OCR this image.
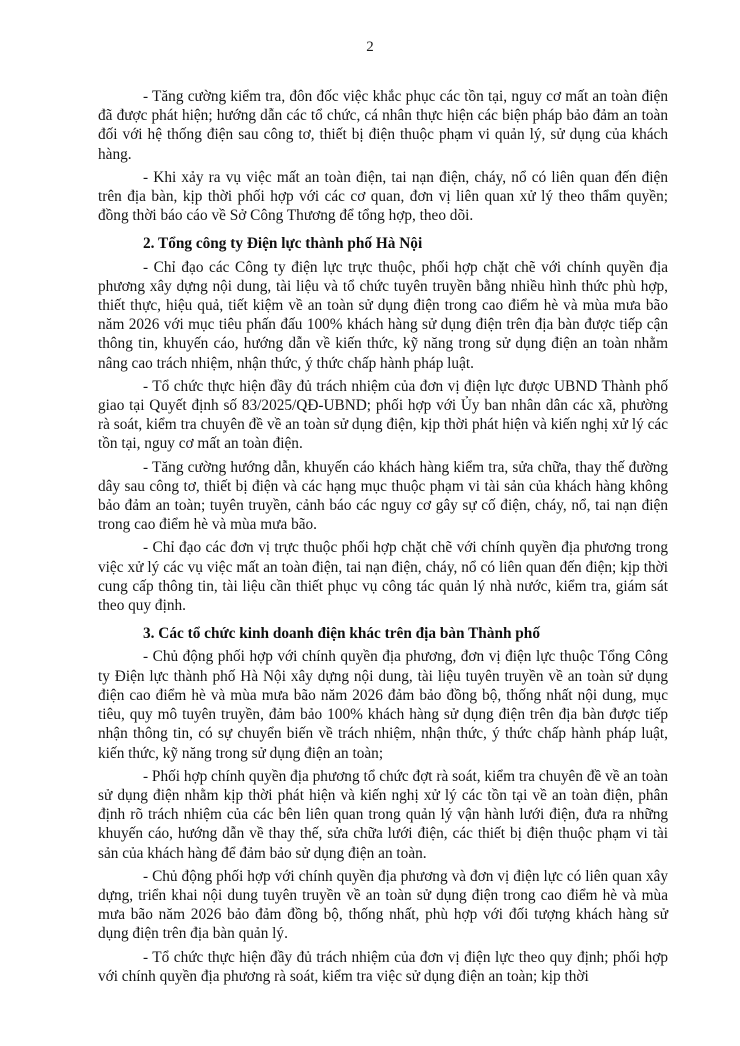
2

- Tăng cường kiểm tra, đôn đốc việc khắc phục các tồn tại, nguy cơ mất an toàn điện đã được phát hiện; hướng dẫn các tổ chức, cá nhân thực hiện các biện pháp bảo đảm an toàn đối với hệ thống điện sau công tơ, thiết bị điện thuộc phạm vi quản lý, sử dụng của khách hàng.

- Khi xảy ra vụ việc mất an toàn điện, tai nạn điện, cháy, nổ có liên quan đến điện trên địa bàn, kịp thời phối hợp với các cơ quan, đơn vị liên quan xử lý theo thẩm quyền; đồng thời báo cáo về Sở Công Thương để tổng hợp, theo dõi.

2. Tổng công ty Điện lực thành phố Hà Nội

- Chỉ đạo các Công ty điện lực trực thuộc, phối hợp chặt chẽ với chính quyền địa phương xây dựng nội dung, tài liệu và tổ chức tuyên truyền bằng nhiều hình thức phù hợp, thiết thực, hiệu quả, tiết kiệm về an toàn sử dụng điện trong cao điểm hè và mùa mưa bão năm 2026 với mục tiêu phấn đấu 100% khách hàng sử dụng điện trên địa bàn được tiếp cận thông tin, khuyến cáo, hướng dẫn về kiến thức, kỹ năng trong sử dụng điện an toàn nhằm nâng cao trách nhiệm, nhận thức, ý thức chấp hành pháp luật.

- Tổ chức thực hiện đầy đủ trách nhiệm của đơn vị điện lực được UBND Thành phố giao tại Quyết định số 83/2025/QĐ-UBND; phối hợp với Ủy ban nhân dân các xã, phường rà soát, kiểm tra chuyên đề về an toàn sử dụng điện, kịp thời phát hiện và kiến nghị xử lý các tồn tại, nguy cơ mất an toàn điện.

- Tăng cường hướng dẫn, khuyến cáo khách hàng kiểm tra, sửa chữa, thay thế đường dây sau công tơ, thiết bị điện và các hạng mục thuộc phạm vi tài sản của khách hàng không bảo đảm an toàn; tuyên truyền, cảnh báo các nguy cơ gây sự cố điện, cháy, nổ, tai nạn điện trong cao điểm hè và mùa mưa bão.

- Chỉ đạo các đơn vị trực thuộc phối hợp chặt chẽ với chính quyền địa phương trong việc xử lý các vụ việc mất an toàn điện, tai nạn điện, cháy, nổ có liên quan đến điện; kịp thời cung cấp thông tin, tài liệu cần thiết phục vụ công tác quản lý nhà nước, kiểm tra, giám sát theo quy định.

3. Các tổ chức kinh doanh điện khác trên địa bàn Thành phố

- Chủ động phối hợp với chính quyền địa phương, đơn vị điện lực thuộc Tổng Công ty Điện lực thành phố Hà Nội xây dựng nội dung, tài liệu tuyên truyền về an toàn sử dụng điện cao điểm hè và mùa mưa bão năm 2026 đảm bảo đồng bộ, thống nhất nội dung, mục tiêu, quy mô tuyên truyền, đảm bảo 100% khách hàng sử dụng điện trên địa bàn được tiếp nhận thông tin, có sự chuyển biến về trách nhiệm, nhận thức, ý thức chấp hành pháp luật, kiến thức, kỹ năng trong sử dụng điện an toàn;

- Phối hợp chính quyền địa phương tổ chức đợt rà soát, kiểm tra chuyên đề về an toàn sử dụng điện nhằm kịp thời phát hiện và kiến nghị xử lý các tồn tại về an toàn điện, phân định rõ trách nhiệm của các bên liên quan trong quản lý vận hành lưới điện, đưa ra những khuyến cáo, hướng dẫn về thay thế, sửa chữa lưới điện, các thiết bị điện thuộc phạm vi tài sản của khách hàng để đảm bảo sử dụng điện an toàn.

- Chủ động phối hợp với chính quyền địa phương và đơn vị điện lực có liên quan xây dựng, triển khai nội dung tuyên truyền về an toàn sử dụng điện trong cao điểm hè và mùa mưa bão năm 2026 bảo đảm đồng bộ, thống nhất, phù hợp với đối tượng khách hàng sử dụng điện trên địa bàn quản lý.

- Tổ chức thực hiện đầy đủ trách nhiệm của đơn vị điện lực theo quy định; phối hợp với chính quyền địa phương rà soát, kiểm tra việc sử dụng điện an toàn; kịp thời
